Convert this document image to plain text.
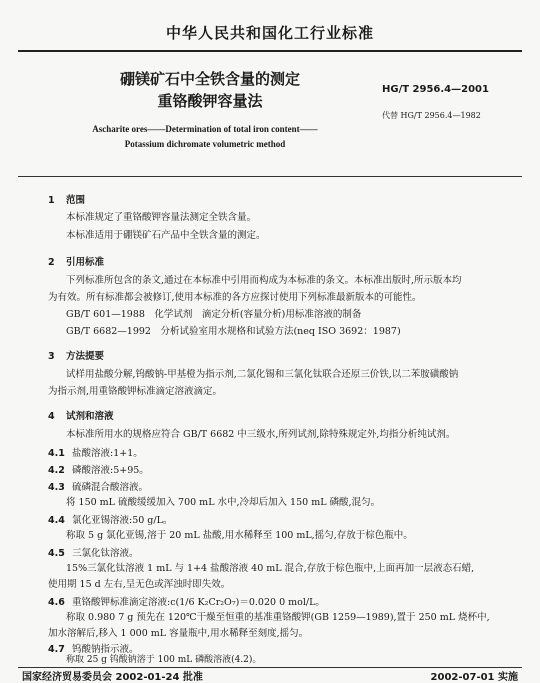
中华人民共和国化工行业标准
硼镁矿石中全铁含量的测定
重铬酸钾容量法
HG/T 2956.4—2001
代替 HG/T 2956.4—1982
Ascharite ores——Determination of total iron content——
Potassium dichromate volumetric method
1 范围
本标准规定了重铬酸钾容量法测定全铁含量。
本标准适用于硼镁矿石产品中全铁含量的测定。
2 引用标准
下列标准所包含的条文,通过在本标准中引用而构成为本标准的条文。本标准出版时,所示版本均
为有效。所有标准都会被修订,使用本标准的各方应探讨使用下列标准最新版本的可能性。
GB/T 601—1988　化学试剂　滴定分析(容量分析)用标准溶液的制备
GB/T 6682—1992　分析试验室用水规格和试验方法(neq ISO 3692：1987)
3 方法提要
试样用盐酸分解,钨酸钠-甲基橙为指示剂,二氯化锡和三氯化钛联合还原三价铁,以二苯胺磺酸钠
为指示剂,用重铬酸钾标准滴定溶液滴定。
4 试剂和溶液
本标准所用水的规格应符合 GB/T 6682 中三级水,所列试剂,除特殊规定外,均指分析纯试剂。
4.1 盐酸溶液:1+1。
4.2 磷酸溶液:5+95。
4.3 硫磷混合酸溶液。
将 150 mL 硫酸缓缓加入 700 mL 水中,冷却后加入 150 mL 磷酸,混匀。
4.4 氯化亚锡溶液:50 g/L。
称取 5 g 氯化亚锡,溶于 20 mL 盐酸,用水稀释至 100 mL,摇匀,存放于棕色瓶中。
4.5 三氯化钛溶液。
15%三氯化钛溶液 1 mL 与 1+4 盐酸溶液 40 mL 混合,存放于棕色瓶中,上面再加一层液态石蜡,
使用期 15 d 左右,呈无色或浑浊时即失效。
4.6 重铬酸钾标准滴定溶液:c(1/6 K₂Cr₂O₇)＝0.020 0 mol/L。
称取 0.980 7 g 预先在 120℃干燥至恒重的基准重铬酸钾(GB 1259—1989),置于 250 mL 烧杯中,
加水溶解后,移入 1 000 mL 容量瓶中,用水稀释至刻度,摇匀。
4.7 钨酸钠指示液。
称取 25 g 钨酸钠溶于 100 mL 磷酸溶液(4.2)。
国家经济贸易委员会 2002-01-24 批准	2002-07-01 实施
